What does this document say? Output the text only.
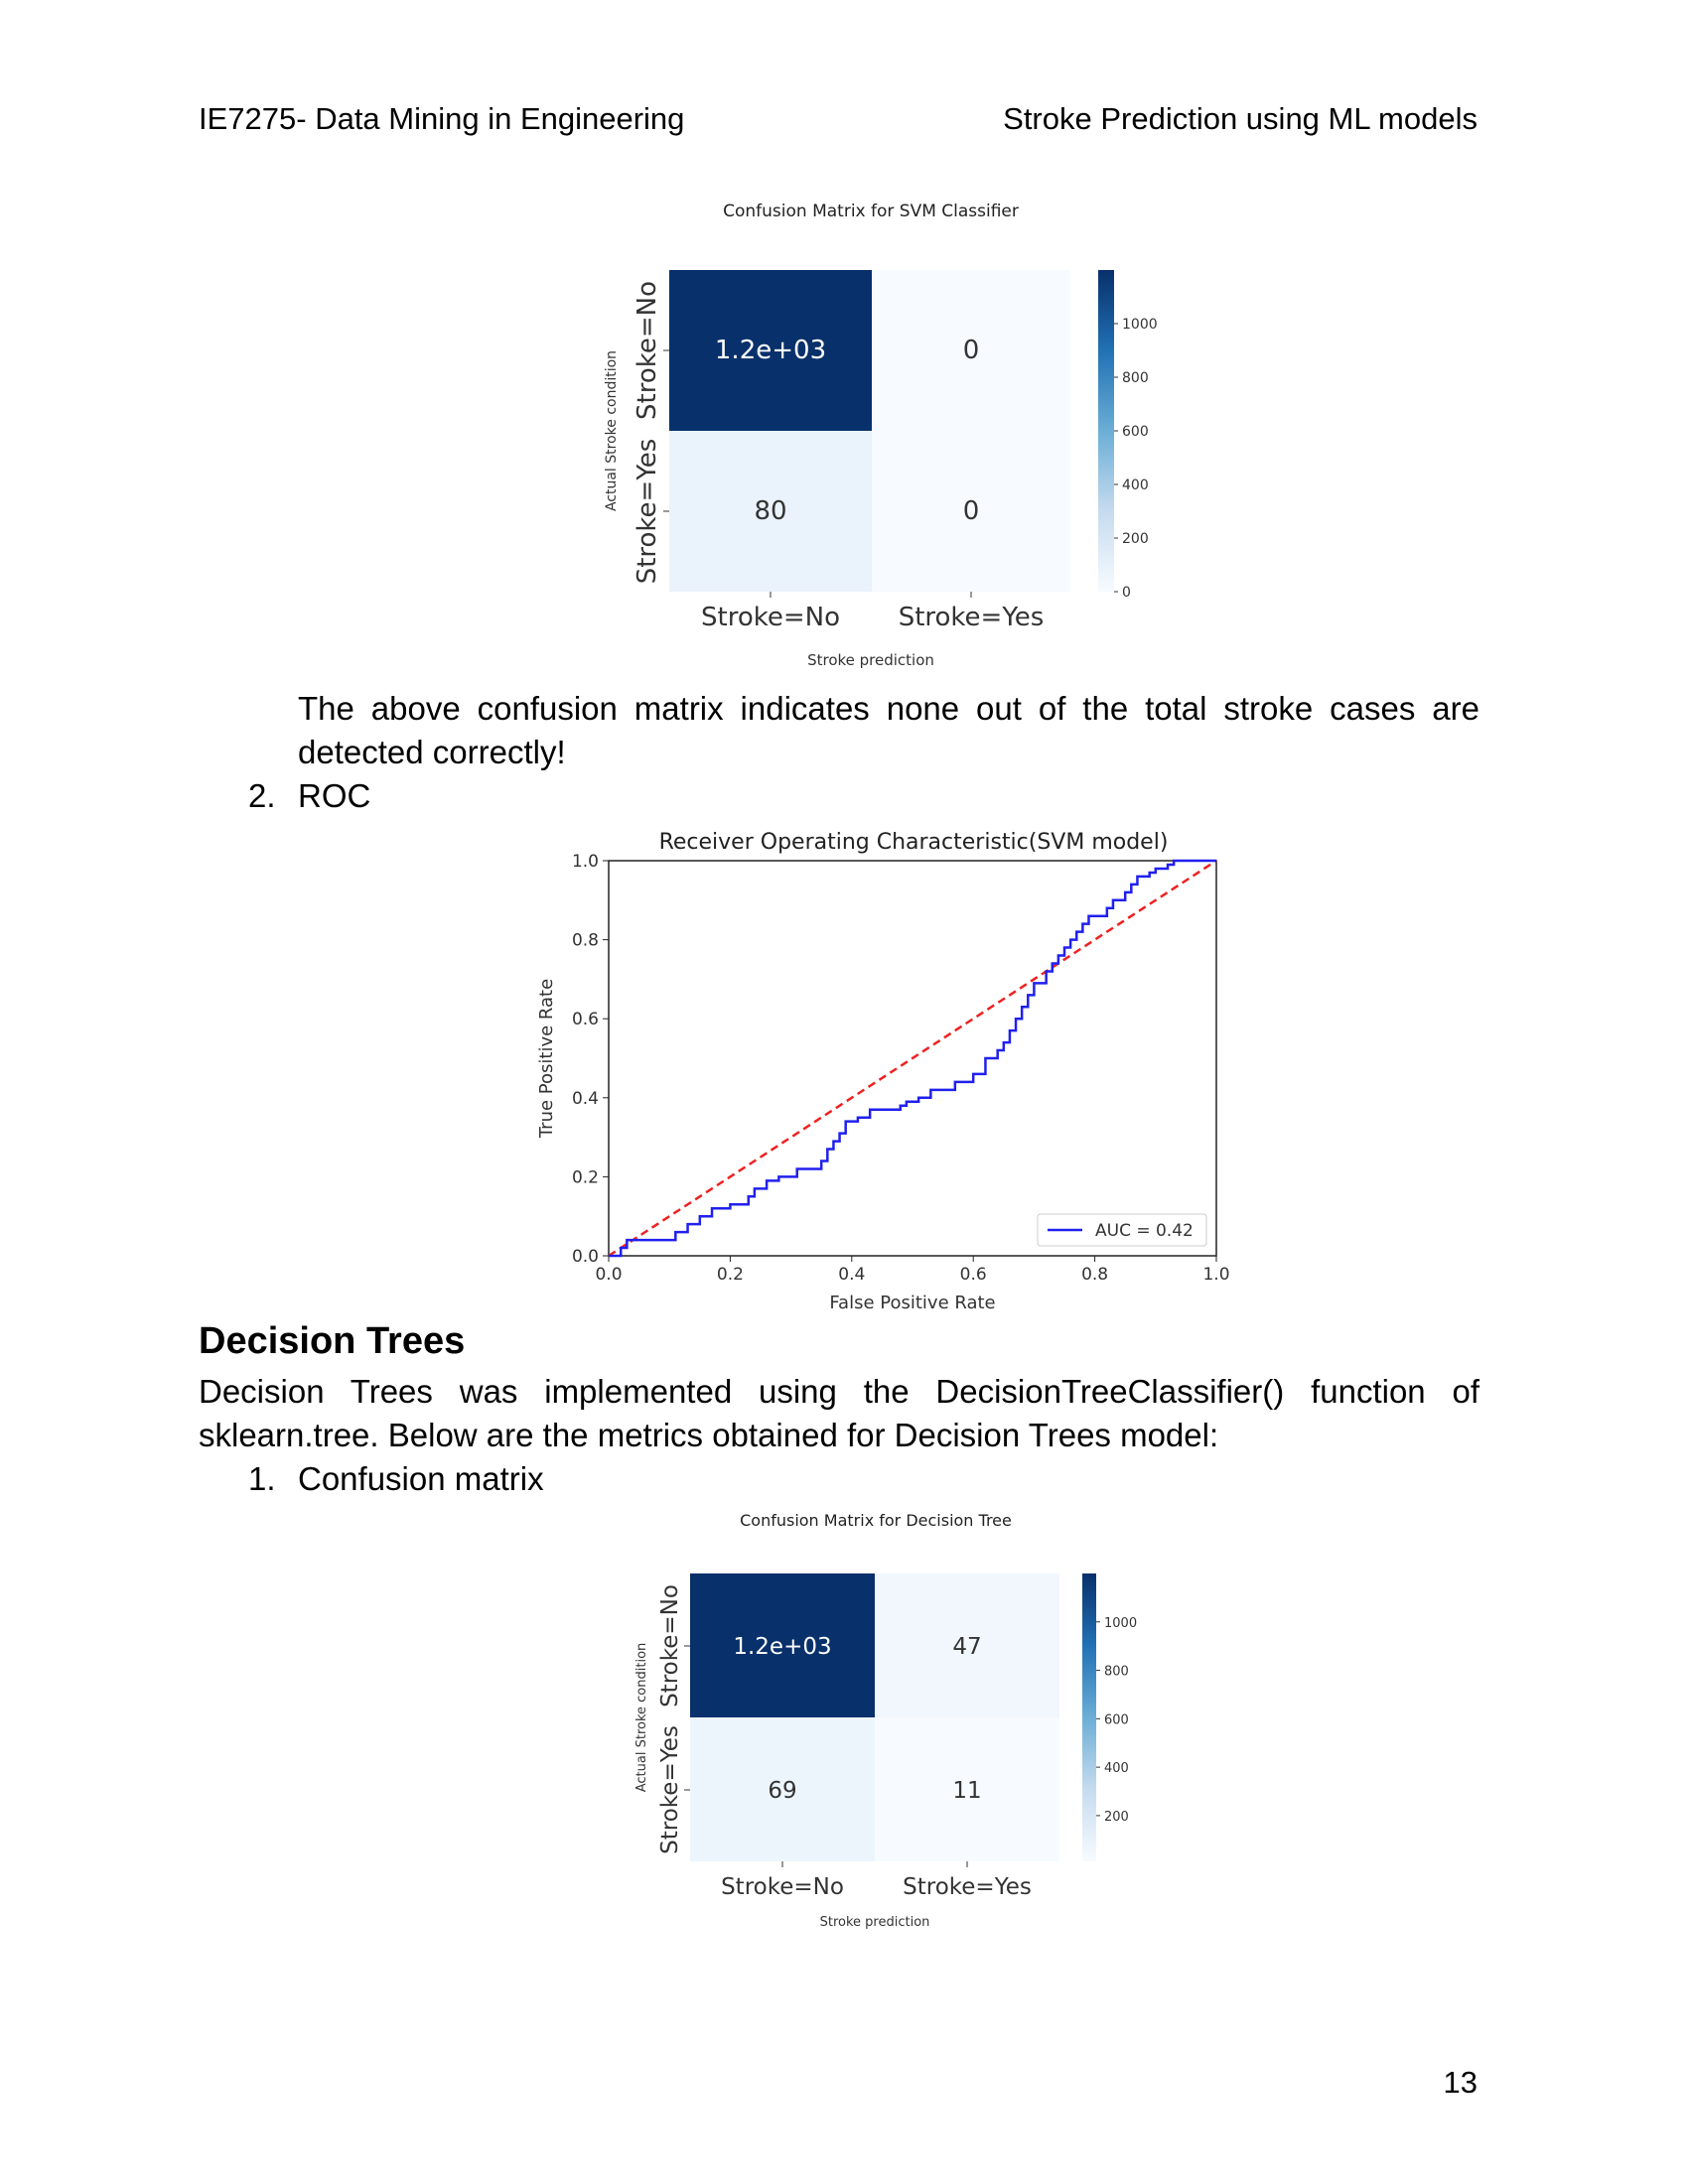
IE7275- Data Mining in Engineering	Stroke Prediction using ML models
Confusion Matrix for SVM Classifier
1.2e+03	0
80	0
Stroke=No Stroke=Yes
Stroke=No
Stroke=Yes
Stroke prediction
Actual Stroke condition
0
200
400
600
800
1000
The above confusion matrix indicates none out of the total stroke cases are detected correctly!
2. ROC
Receiver Operating Characteristic(SVM model)
0.0	0.2	0.4	0.6	0.8	1.0
0.0
0.2
0.4
0.6
0.8
1.0
AUC = 0.42
False Positive Rate
True Positive Rate
Decision Trees
Decision Trees was implemented using the DecisionTreeClassifier() function of
sklearn.tree. Below are the metrics obtained for Decision Trees model:
1. Confusion matrix
Confusion Matrix for Decision Tree
1.2e+03	47
69	11
Stroke=No	Stroke=Yes
Stroke=No
Stroke=Yes
Stroke prediction
Actual Stroke condition
200
400
600
800
1000
13
